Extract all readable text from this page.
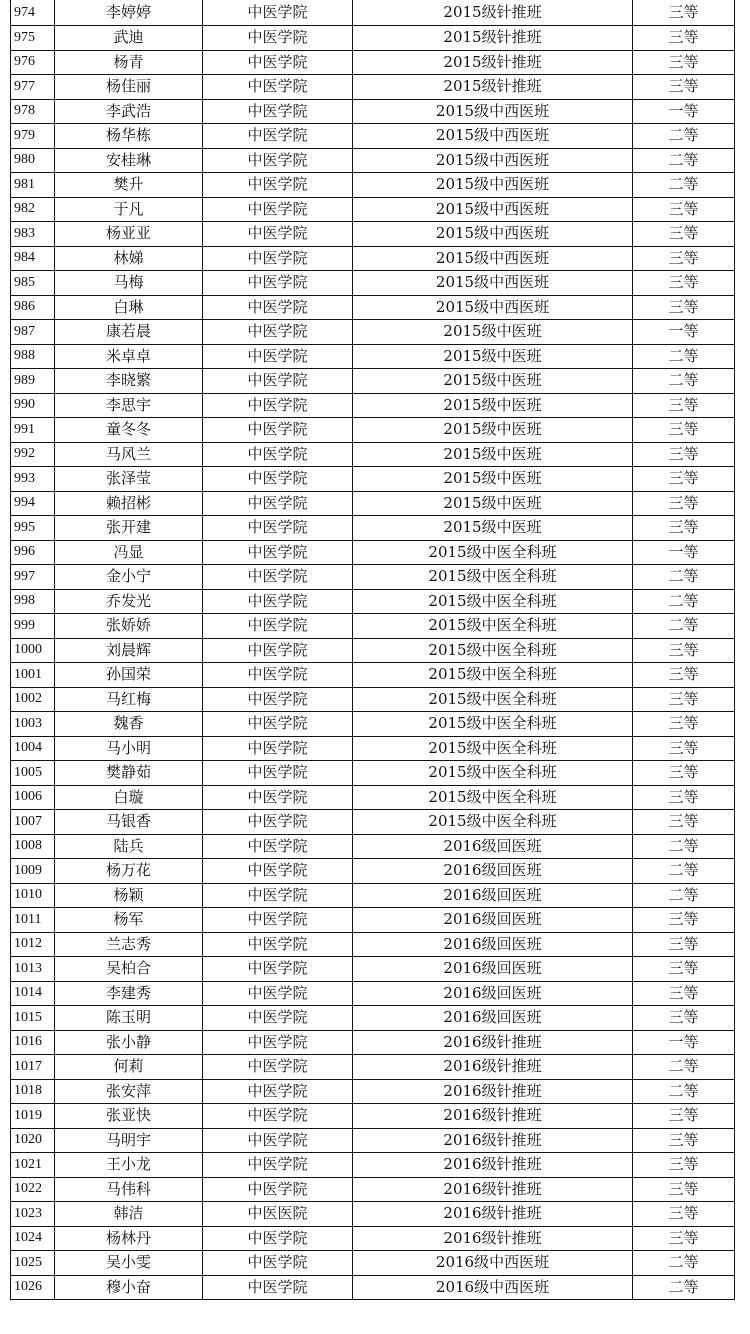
974	李婷婷	中医学院	2015级针推班	三等
975	武迪	中医学院	2015级针推班	三等
976	杨青	中医学院	2015级针推班	三等
977	杨佳丽	中医学院	2015级针推班	三等
978	李武浩	中医学院	2015级中西医班	一等
979	杨华栋	中医学院	2015级中西医班	二等
980	安桂琳	中医学院	2015级中西医班	二等
981	樊升	中医学院	2015级中西医班	二等
982	于凡	中医学院	2015级中西医班	三等
983	杨亚亚	中医学院	2015级中西医班	三等
984	林娣	中医学院	2015级中西医班	三等
985	马梅	中医学院	2015级中西医班	三等
986	白琳	中医学院	2015级中西医班	三等
987	康若晨	中医学院	2015级中医班	一等
988	米卓卓	中医学院	2015级中医班	二等
989	李晓繁	中医学院	2015级中医班	二等
990	李思宇	中医学院	2015级中医班	三等
991	童冬冬	中医学院	2015级中医班	三等
992	马风兰	中医学院	2015级中医班	三等
993	张泽莹	中医学院	2015级中医班	三等
994	赖招彬	中医学院	2015级中医班	三等
995	张开建	中医学院	2015级中医班	三等
996	冯显	中医学院	2015级中医全科班	一等
997	金小宁	中医学院	2015级中医全科班	二等
998	乔发光	中医学院	2015级中医全科班	二等
999	张娇娇	中医学院	2015级中医全科班	二等
1000	刘晨辉	中医学院	2015级中医全科班	三等
1001	孙国荣	中医学院	2015级中医全科班	三等
1002	马红梅	中医学院	2015级中医全科班	三等
1003	魏香	中医学院	2015级中医全科班	三等
1004	马小明	中医学院	2015级中医全科班	三等
1005	樊静茹	中医学院	2015级中医全科班	三等
1006	白璇	中医学院	2015级中医全科班	三等
1007	马银香	中医学院	2015级中医全科班	三等
1008	陆兵	中医学院	2016级回医班	二等
1009	杨万花	中医学院	2016级回医班	二等
1010	杨颖	中医学院	2016级回医班	二等
1011	杨军	中医学院	2016级回医班	三等
1012	兰志秀	中医学院	2016级回医班	三等
1013	吴柏合	中医学院	2016级回医班	三等
1014	李建秀	中医学院	2016级回医班	三等
1015	陈玉明	中医学院	2016级回医班	三等
1016	张小静	中医学院	2016级针推班	一等
1017	何莉	中医学院	2016级针推班	二等
1018	张安萍	中医学院	2016级针推班	二等
1019	张亚快	中医学院	2016级针推班	三等
1020	马明宇	中医学院	2016级针推班	三等
1021	王小龙	中医学院	2016级针推班	三等
1022	马伟科	中医学院	2016级针推班	三等
1023	韩洁	中医医院	2016级针推班	三等
1024	杨林丹	中医学院	2016级针推班	三等
1025	吴小雯	中医学院	2016级中西医班	二等
1026	穆小奋	中医学院	2016级中西医班	二等
